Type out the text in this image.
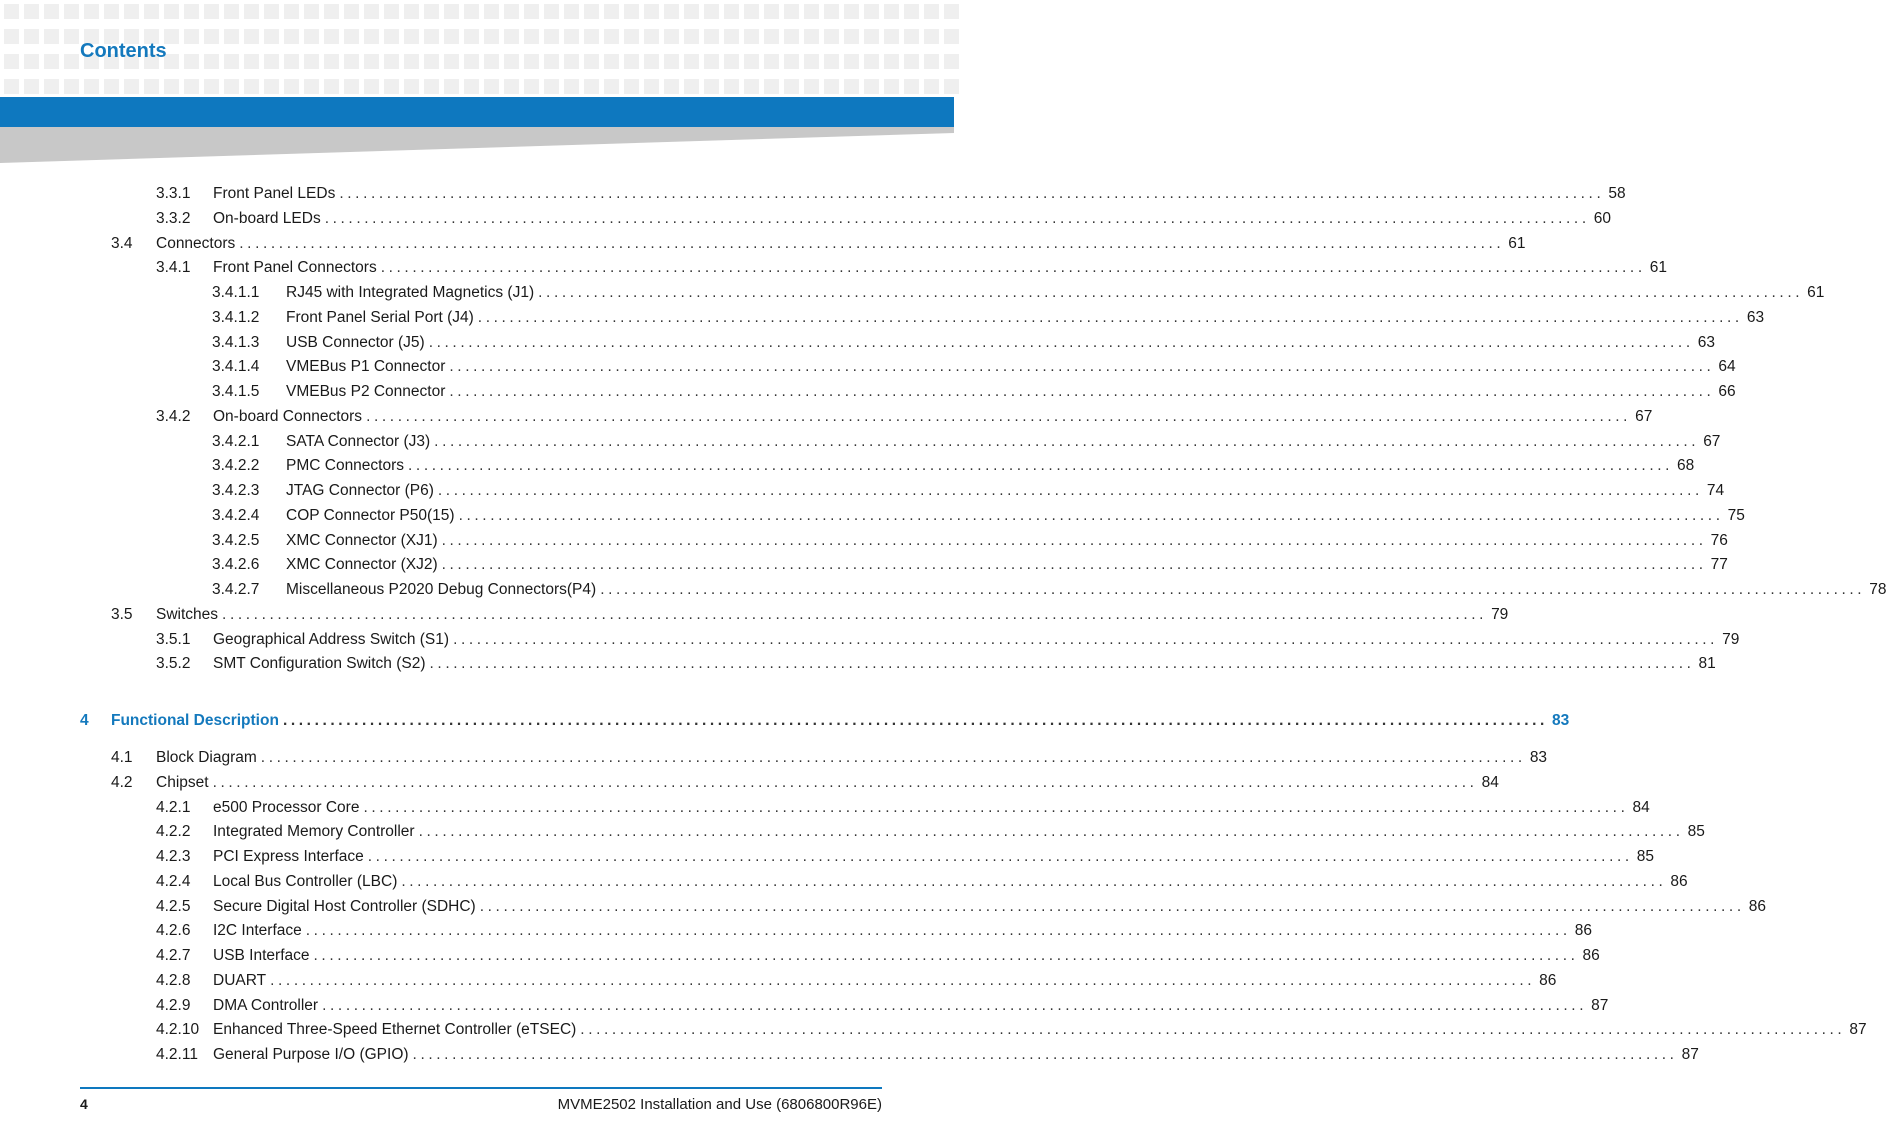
Contents
3.3.1	Front Panel LEDs ................................................................................................................................................................ 58
3.3.2	On-board LEDs ................................................................................................................................................................ 60
3.4	Connectors ................................................................................................................................................................ 61
3.4.1	Front Panel Connectors ................................................................................................................................................................ 61
3.4.1.1	RJ45 with Integrated Magnetics (J1) ................................................................................................................................................................ 61
3.4.1.2	Front Panel Serial Port (J4) ................................................................................................................................................................ 63
3.4.1.3	USB Connector (J5) ................................................................................................................................................................ 63
3.4.1.4	VMEBus P1 Connector ................................................................................................................................................................ 64
3.4.1.5	VMEBus P2 Connector ................................................................................................................................................................ 66
3.4.2	On-board Connectors ................................................................................................................................................................ 67
3.4.2.1	SATA Connector (J3) ................................................................................................................................................................ 67
3.4.2.2	PMC Connectors ................................................................................................................................................................ 68
3.4.2.3	JTAG Connector (P6) ................................................................................................................................................................ 74
3.4.2.4	COP Connector P50(15) ................................................................................................................................................................ 75
3.4.2.5	XMC Connector (XJ1) ................................................................................................................................................................ 76
3.4.2.6	XMC Connector (XJ2) ................................................................................................................................................................ 77
3.4.2.7	Miscellaneous P2020 Debug Connectors(P4) ................................................................................................................................................................ 78
3.5	Switches ................................................................................................................................................................ 79
3.5.1	Geographical Address Switch (S1) ................................................................................................................................................................ 79
3.5.2	SMT Configuration Switch (S2) ................................................................................................................................................................ 81
4	Functional Description ................................................................................................................................................................ 83
4.1	Block Diagram ................................................................................................................................................................ 83
4.2	Chipset ................................................................................................................................................................ 84
4.2.1	e500 Processor Core ................................................................................................................................................................ 84
4.2.2	Integrated Memory Controller ................................................................................................................................................................ 85
4.2.3	PCI Express Interface ................................................................................................................................................................ 85
4.2.4	Local Bus Controller (LBC) ................................................................................................................................................................ 86
4.2.5	Secure Digital Host Controller (SDHC) ................................................................................................................................................................ 86
4.2.6	I2C Interface ................................................................................................................................................................ 86
4.2.7	USB Interface ................................................................................................................................................................ 86
4.2.8	DUART ................................................................................................................................................................ 86
4.2.9	DMA Controller ................................................................................................................................................................ 87
4.2.10 Enhanced Three-Speed Ethernet Controller (eTSEC) ................................................................................................................................................................ 87
4.2.11 General Purpose I/O (GPIO) ................................................................................................................................................................ 87
4	MVME2502 Installation and Use (6806800R96E)
